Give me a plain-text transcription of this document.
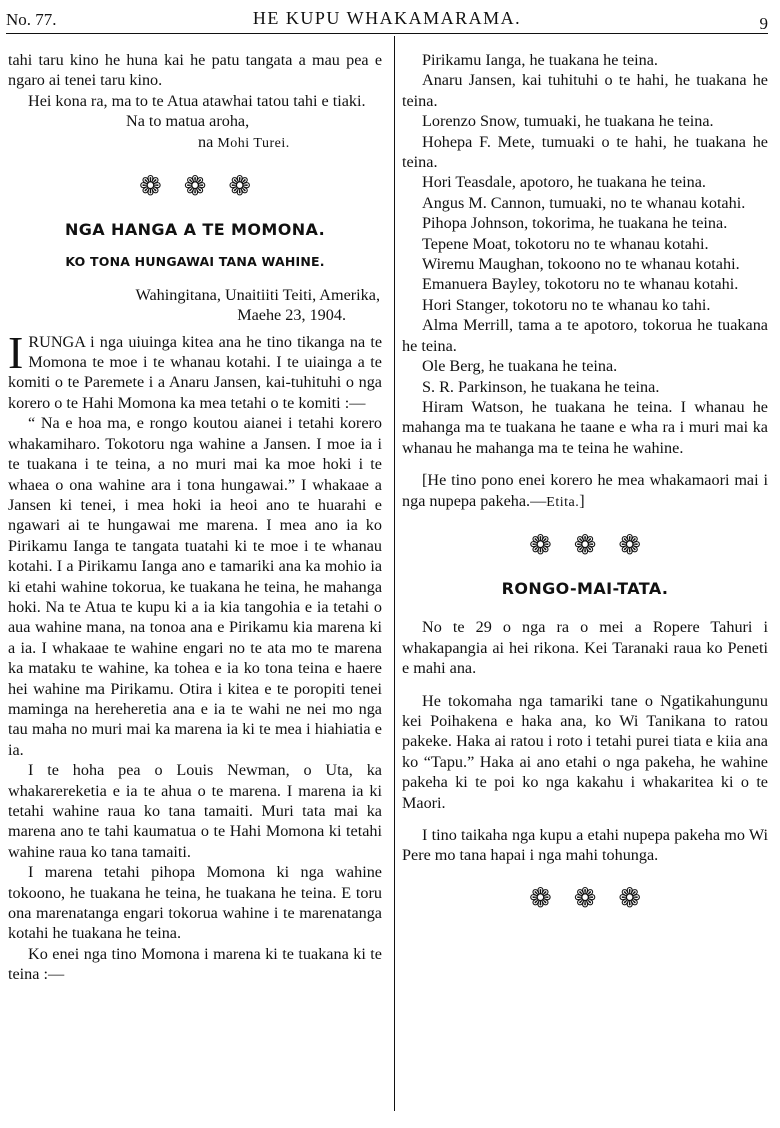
No. 77.	HE KUPU WHAKAMARAMA.	9

tahi taru kino he huna kai he patu tangata a mau pea e ngaro ai tenei taru kino.

Hei kona ra, ma to te Atua atawhai tatou tahi e tiaki.

Na to matua aroha,

na Mohi Turei.

❁ ❁ ❁

NGA HANGA A TE MOMONA.

KO TONA HUNGAWAI TANA WAHINE.

Wahingitana, Unaitiiti Teiti, Amerika,

Maehe 23, 1904.

I RUNGA i nga uiuinga kitea ana he tino tikanga na te Momona te moe i te whanau kotahi. I te uiainga a te komiti o te Paremete i a Anaru Jansen, kai-tuhituhi o nga korero o te Hahi Momona ka mea tetahi o te komiti :—

“ Na e hoa ma, e rongo koutou aianei i tetahi korero whakamiharo. Tokotoru nga wahine a Jansen. I moe ia i te tuakana i te teina, a no muri mai ka moe hoki i te whaea o ona wahine ara i tona hungawai.” I whakaae a Jansen ki tenei, i mea hoki ia heoi ano te huarahi e ngawari ai te hungawai me marena. I mea ano ia ko Pirikamu Ianga te tangata tuatahi ki te moe i te whanau kotahi. I a Pirikamu Ianga ano e tamariki ana ka mohio ia ki etahi wahine tokorua, ke tuakana he teina, he mahanga hoki. Na te Atua te kupu ki a ia kia tangohia e ia tetahi o aua wahine mana, na tonoa ana e Pirikamu kia marena ki a ia. I whakaae te wahine engari no te ata mo te marena ka mataku te wahine, ka tohea e ia ko tona teina e haere hei wahine ma Pirikamu. Otira i kitea e te poropiti tenei maminga na hereheretia ana e ia te wahi ne nei mo nga tau maha no muri mai ka marena ia ki te mea i hiahiatia e ia.

I te hoha pea o Louis Newman, o Uta, ka whakarereketia e ia te ahua o te marena. I marena ia ki tetahi wahine raua ko tana tamaiti. Muri tata mai ka marena ano te tahi kaumatua o te Hahi Momona ki tetahi wahine raua ko tana tamaiti.

I marena tetahi pihopa Momona ki nga wahine tokoono, he tuakana he teina, he tuakana he teina. E toru ona marenatanga engari tokorua wahine i te marenatanga kotahi he tuakana he teina.

Ko enei nga tino Momona i marena ki te tuakana ki te teina :—

Pirikamu Ianga, he tuakana he teina.

Anaru Jansen, kai tuhituhi o te hahi, he tuakana he teina.

Lorenzo Snow, tumuaki, he tuakana he teina.

Hohepa F. Mete, tumuaki o te hahi, he tuakana he teina.

Hori Teasdale, apotoro, he tuakana he teina.

Angus M. Cannon, tumuaki, no te whanau kotahi.

Pihopa Johnson, tokorima, he tuakana he teina.

Tepene Moat, tokotoru no te whanau kotahi.

Wiremu Maughan, tokoono no te whanau kotahi.

Emanuera Bayley, tokotoru no te whanau kotahi.

Hori Stanger, tokotoru no te whanau ko tahi.

Alma Merrill, tama a te apotoro, tokorua he tuakana he teina.

Ole Berg, he tuakana he teina.

S. R. Parkinson, he tuakana he teina.

Hiram Watson, he tuakana he teina. I whanau he mahanga ma te tuakana he taane e wha ra i muri mai ka whanau he mahanga ma te teina he wahine.

[He tino pono enei korero he mea whakamaori mai i nga nupepa pakeha.—Etita.]

❁ ❁ ❁

RONGO-MAI-TATA.

No te 29 o nga ra o mei a Ropere Tahuri i whakapangia ai hei rikona. Kei Taranaki raua ko Peneti e mahi ana.

He tokomaha nga tamariki tane o Ngatikahungunu kei Poihakena e haka ana, ko Wi Tanikana to ratou pakeke. Haka ai ratou i roto i tetahi purei tiata e kiia ana ko “Tapu.” Haka ai ano etahi o nga pakeha, he wahine pakeha ki te poi ko nga kakahu i whakaritea ki o te Maori.

I tino taikaha nga kupu a etahi nupepa pakeha mo Wi Pere mo tana hapai i nga mahi tohunga.

❁ ❁ ❁
